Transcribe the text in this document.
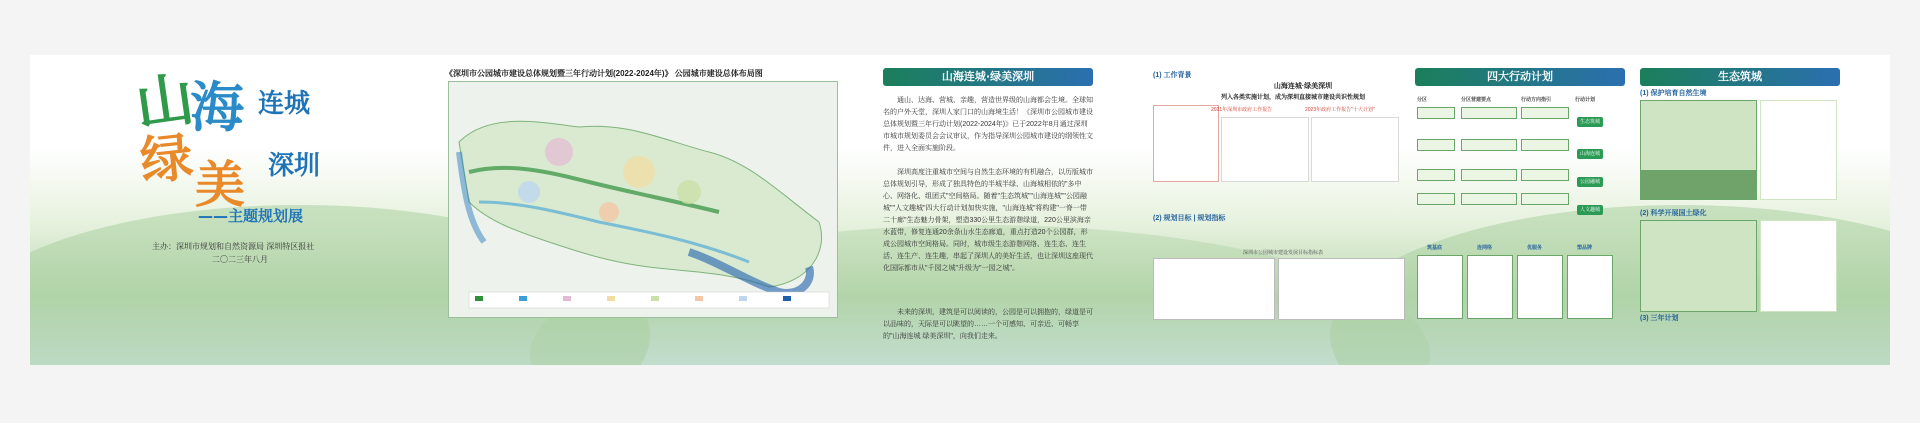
山
海 连城
绿 美 深圳
——主题规划展
主办：深圳市规划和自然资源局 深圳特区报社
二〇二三年八月
《深圳市公园城市建设总体规划暨三年行动计划(2022-2024年)》 公园城市建设总体布局图	山海连城·绿美深圳
通山、达海、营城、亲趣，营造世界级的山海都会生境。全球知名的户外天堂，深圳人家门口的山海境生活！《深圳市公园城市建设总体规划暨三年行动计划(2022-2024年)》已于2022年8月通过深圳市城市规划委员会会议审议，作为指导深圳公园城市建设的纲领性文件，进入全面实施阶段。
深圳高度注重城市空间与自然生态环境的有机融合，以历版城市总体规划引导，形成了独具特色的半城半绿、山海城相依的"多中心、网络化、组团式"空间格局。随着"生态筑城""山海连城""公园融城""人文趣城"四大行动计划加快实施，"山海连城"将构建"一脊一带二十廊"生态魅力骨架，塑造330公里生态游憩绿道，220公里滨海亲水蓝带，修复连通20余条山水生态廊道，重点打造20个公园群，形成公园城市空间格局。同时，城市级生态游憩网络、连生态、连生活、连生产、连生趣，串起了深圳人的美好生活，也让深圳这座现代化国际都市从"千园之城"升级为"一园之城"。
未来的深圳，建筑是可以阅读的，公园是可以拥抱的，绿道是可以品味的，天际是可以眺望的……一个可感知、可亲近、可畅享的"山海连城 绿美深圳"，向我们走来。
(1) 工作背景
山海连城·绿美深圳
列入各类实施计划，成为深圳直接城市建设共识性规划
2021年深圳市政府工作报告	2023年政府工作报告"十大计划"
(2) 规划目标 | 规划指标
深圳市公园城市建设发展目标指标表
四大行动计划
分区	分区营建要点	行动方向指引	行动计划
生态筑城
山海连城
公园融城
人文趣城
筑基底	连网络	优服务	塑品牌
生态筑城
(1) 保护培育自然生境
(2) 科学开展国土绿化
(3) 三年计划
